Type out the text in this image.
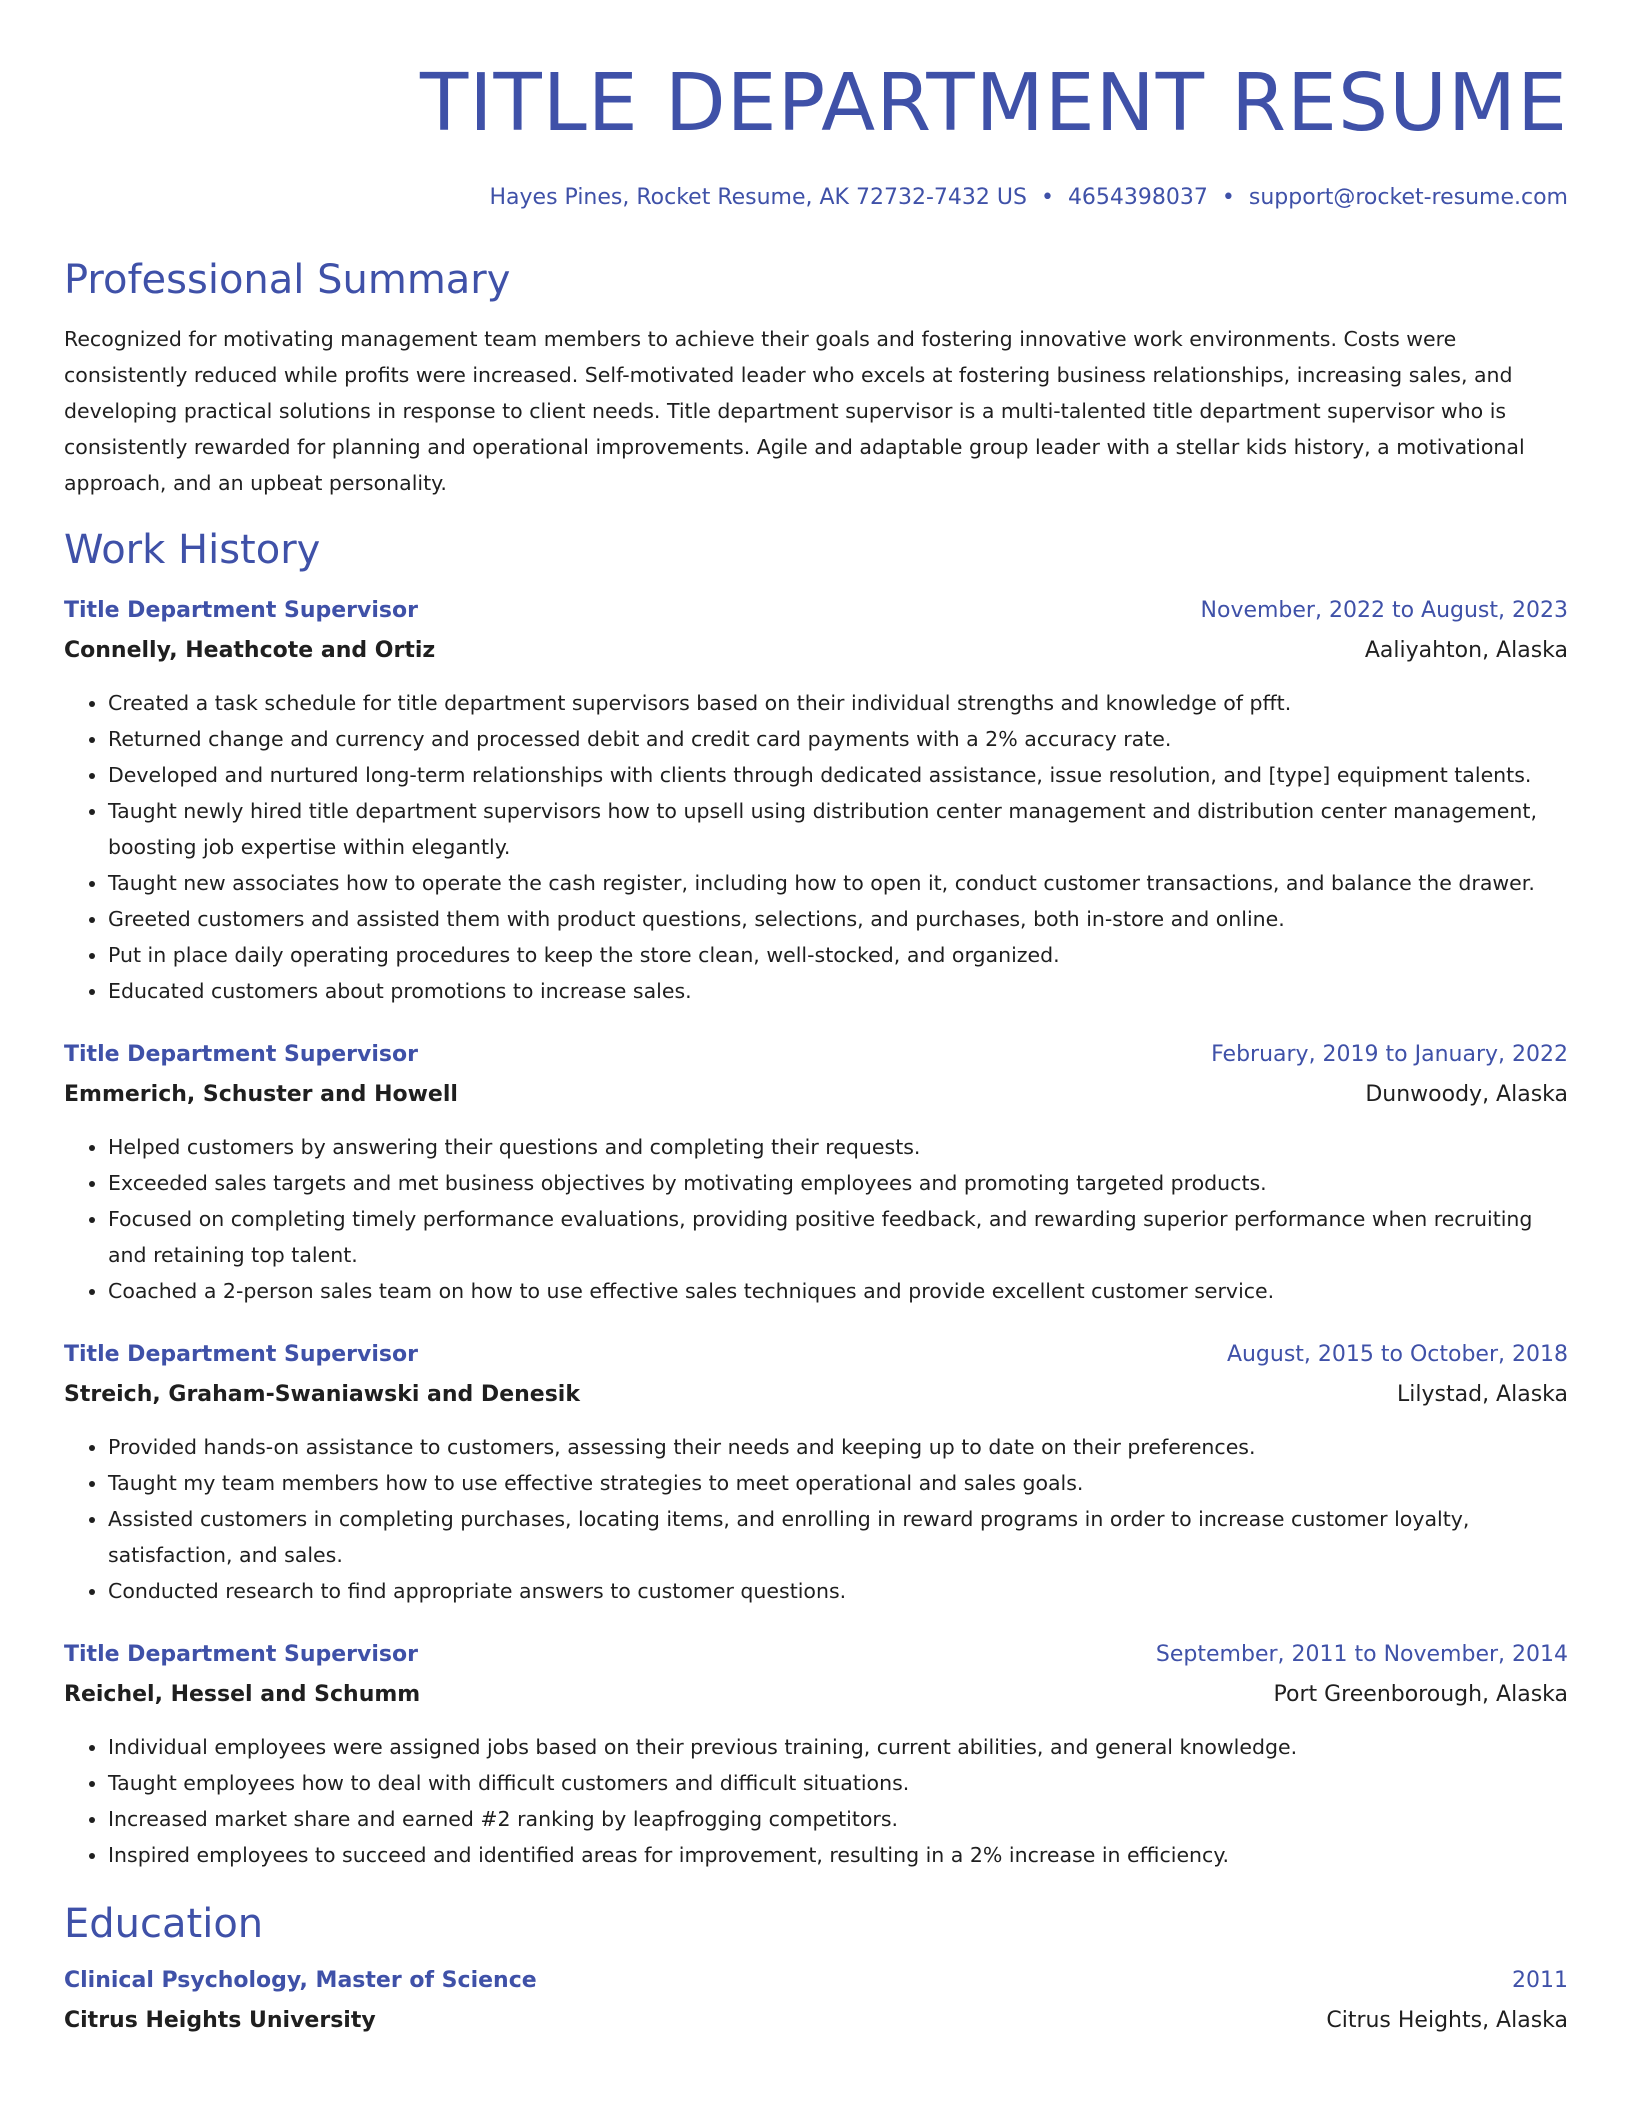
TITLE DEPARTMENT RESUME
Hayes Pines, Rocket Resume, AK 72732-7432 US • 4654398037 • support@rocket-resume.com
Professional Summary

Recognized for motivating management team members to achieve their goals and fostering innovative work environments. Costs were consistently reduced while profits were increased. Self-motivated leader who excels at fostering business relationships, increasing sales, and developing practical solutions in response to client needs. Title department supervisor is a multi-talented title department supervisor who is consistently rewarded for planning and operational improvements. Agile and adaptable group leader with a stellar kids history, a motivational approach, and an upbeat personality.

Work History
Title Department Supervisor	November, 2022 to August, 2023
Connelly, Heathcote and Ortiz	Aaliyahton, Alaska
• Created a task schedule for title department supervisors based on their individual strengths and knowledge of pfft.
• Returned change and currency and processed debit and credit card payments with a 2% accuracy rate.
• Developed and nurtured long-term relationships with clients through dedicated assistance, issue resolution, and [type] equipment talents.
• Taught newly hired title department supervisors how to upsell using distribution center management and distribution center management, boosting job expertise within elegantly.
• Taught new associates how to operate the cash register, including how to open it, conduct customer transactions, and balance the drawer.
• Greeted customers and assisted them with product questions, selections, and purchases, both in-store and online.
• Put in place daily operating procedures to keep the store clean, well-stocked, and organized.
• Educated customers about promotions to increase sales.
Title Department Supervisor	February, 2019 to January, 2022
Emmerich, Schuster and Howell	Dunwoody, Alaska
• Helped customers by answering their questions and completing their requests.
• Exceeded sales targets and met business objectives by motivating employees and promoting targeted products.
• Focused on completing timely performance evaluations, providing positive feedback, and rewarding superior performance when recruiting and retaining top talent.
• Coached a 2-person sales team on how to use effective sales techniques and provide excellent customer service.
Title Department Supervisor	August, 2015 to October, 2018
Streich, Graham-Swaniawski and Denesik	Lilystad, Alaska
• Provided hands-on assistance to customers, assessing their needs and keeping up to date on their preferences.
• Taught my team members how to use effective strategies to meet operational and sales goals.
• Assisted customers in completing purchases, locating items, and enrolling in reward programs in order to increase customer loyalty, satisfaction, and sales.
• Conducted research to find appropriate answers to customer questions.
Title Department Supervisor	September, 2011 to November, 2014
Reichel, Hessel and Schumm	Port Greenborough, Alaska
• Individual employees were assigned jobs based on their previous training, current abilities, and general knowledge.
• Taught employees how to deal with difficult customers and difficult situations.
• Increased market share and earned #2 ranking by leapfrogging competitors.
• Inspired employees to succeed and identified areas for improvement, resulting in a 2% increase in efficiency.
Education
Clinical Psychology, Master of Science	2011
Citrus Heights University	Citrus Heights, Alaska
